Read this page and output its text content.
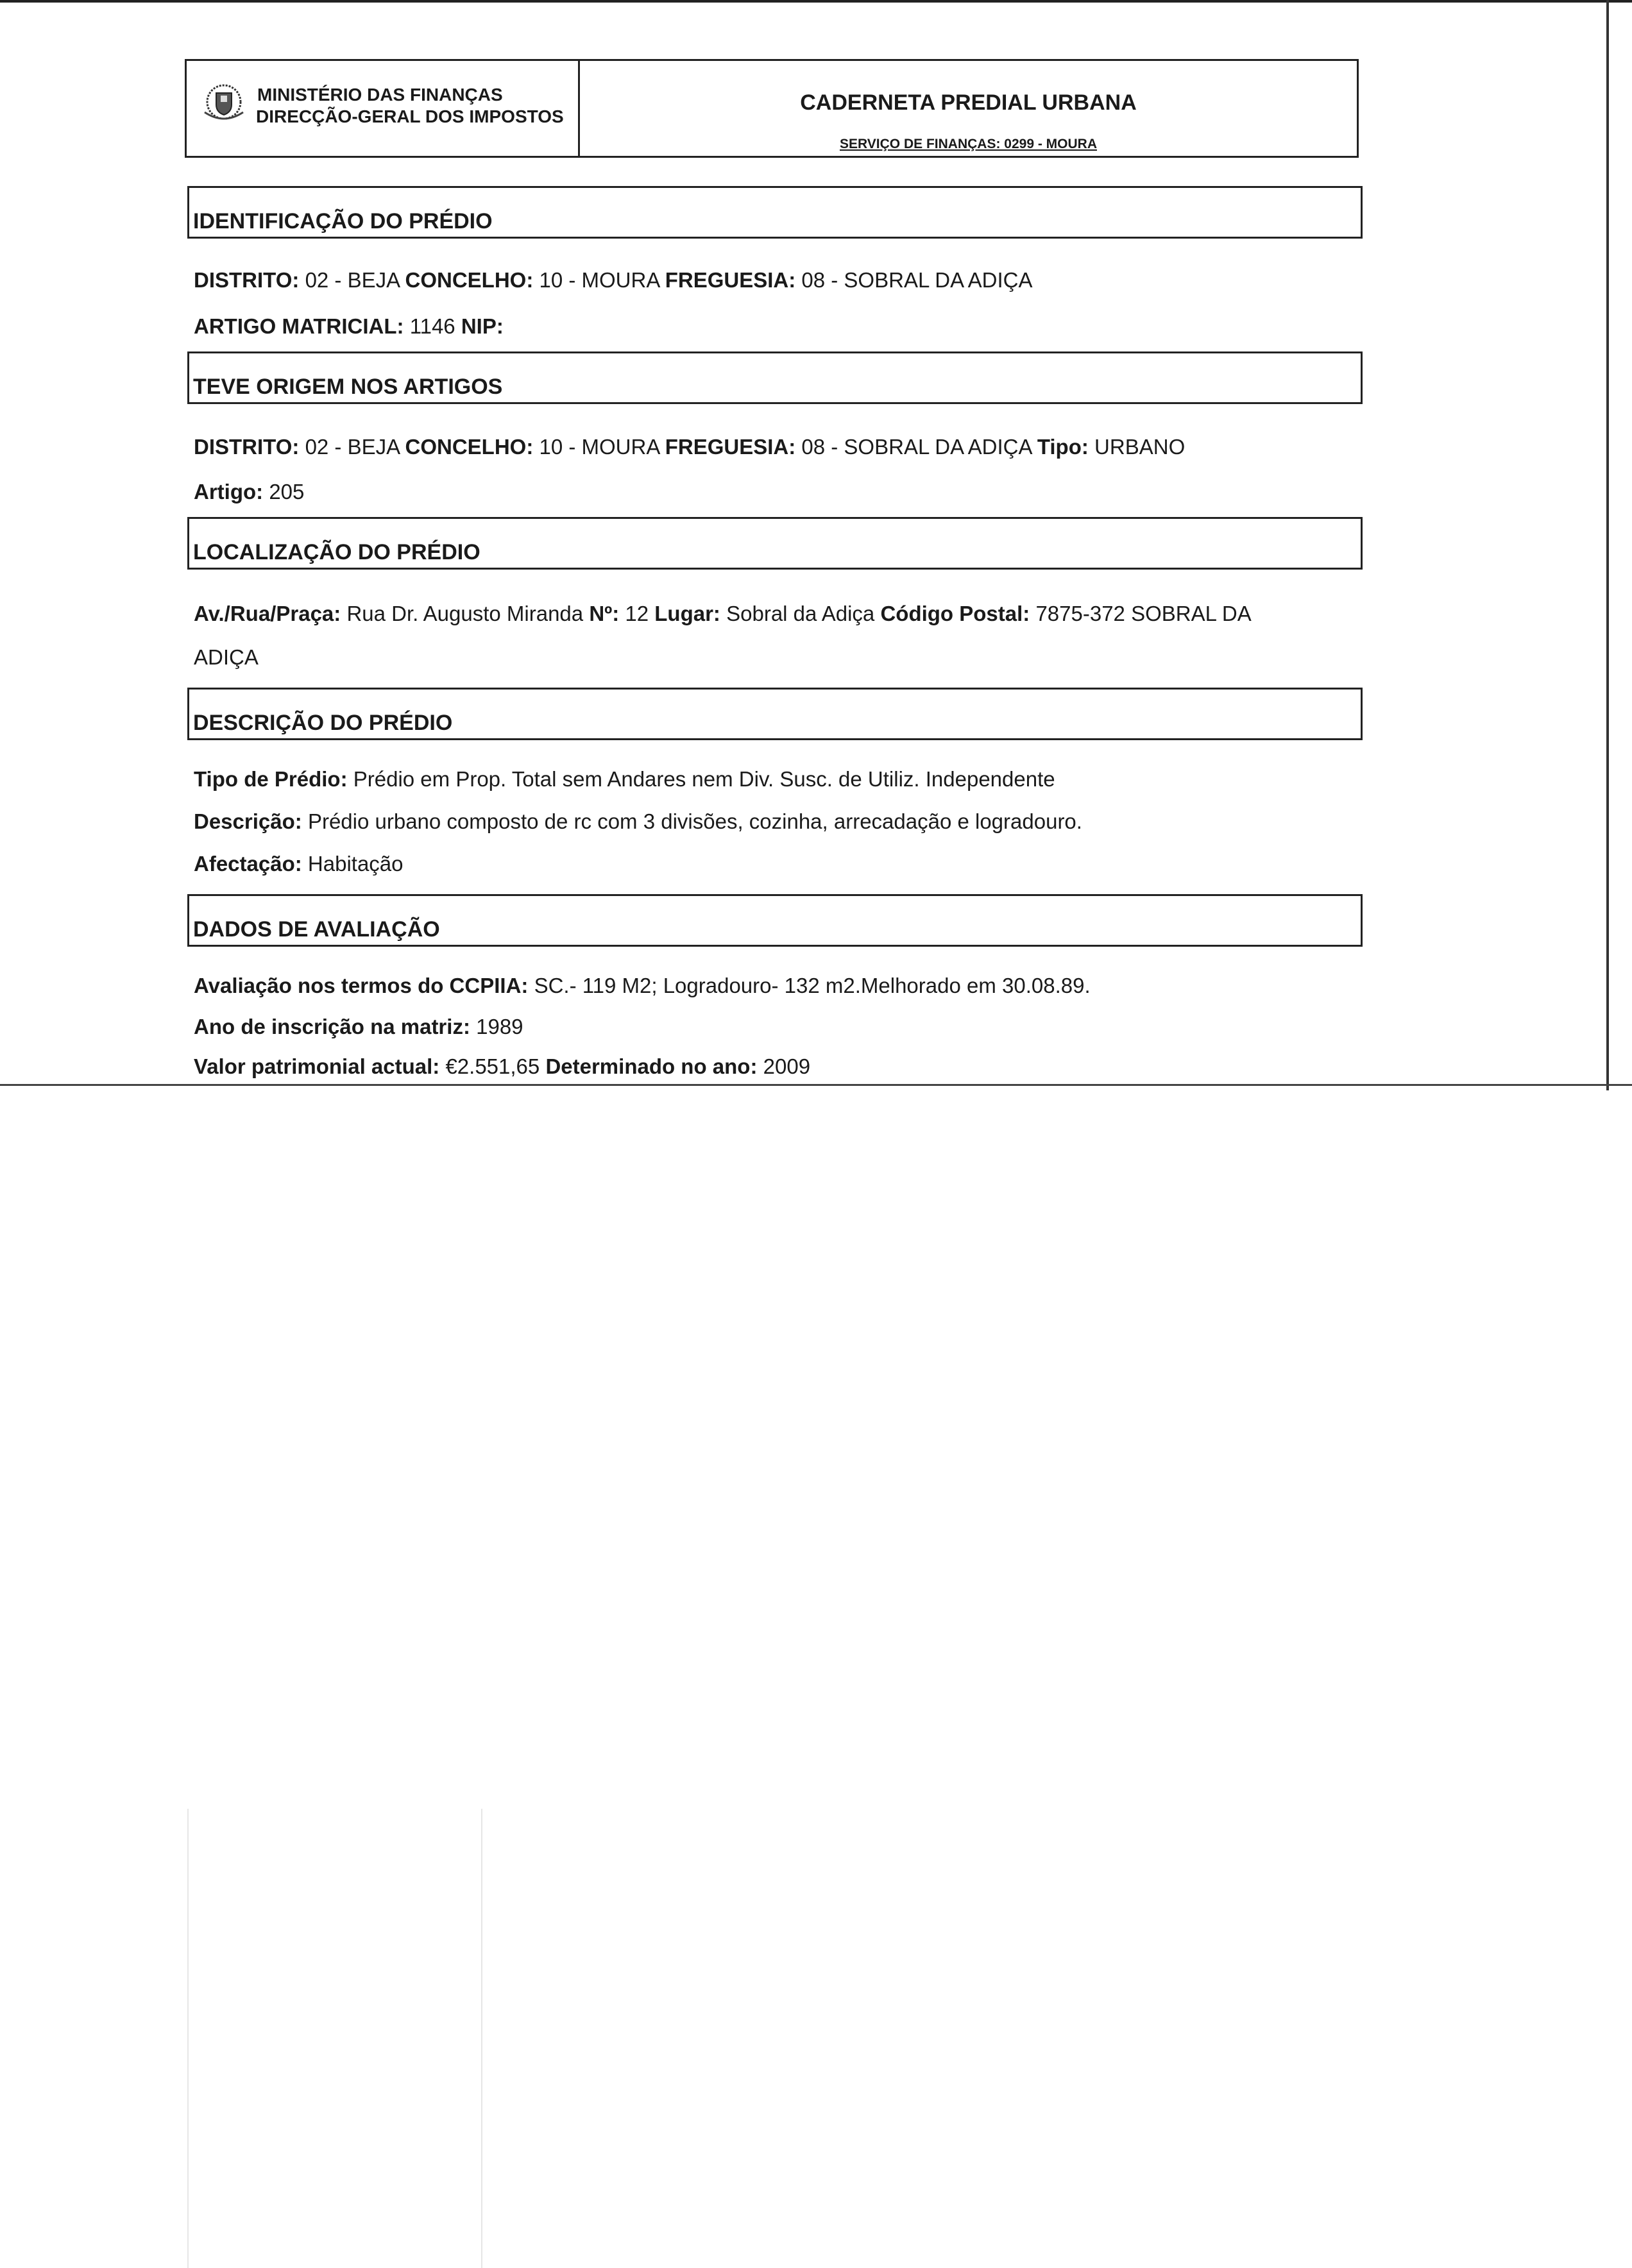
MINISTÉRIO DAS FINANÇAS
DIRECÇÃO-GERAL DOS IMPOSTOS
CADERNETA PREDIAL URBANA
SERVIÇO DE FINANÇAS: 0299 - MOURA
IDENTIFICAÇÃO DO PRÉDIO
DISTRITO: 02 - BEJA CONCELHO: 10 - MOURA FREGUESIA: 08 - SOBRAL DA ADIÇA
ARTIGO MATRICIAL: 1146 NIP:
TEVE ORIGEM NOS ARTIGOS
DISTRITO: 02 - BEJA CONCELHO: 10 - MOURA FREGUESIA: 08 - SOBRAL DA ADIÇA Tipo: URBANO
Artigo: 205
LOCALIZAÇÃO DO PRÉDIO
Av./Rua/Praça: Rua Dr. Augusto Miranda Nº: 12 Lugar: Sobral da Adiça Código Postal: 7875-372 SOBRAL DA
ADIÇA
DESCRIÇÃO DO PRÉDIO
Tipo de Prédio: Prédio em Prop. Total sem Andares nem Div. Susc. de Utiliz. Independente
Descrição: Prédio urbano composto de rc com 3 divisões, cozinha, arrecadação e logradouro.
Afectação: Habitação
DADOS DE AVALIAÇÃO
Avaliação nos termos do CCPIIA: SC.- 119 M2; Logradouro- 132 m2.Melhorado em 30.08.89.
Ano de inscrição na matriz: 1989
Valor patrimonial actual: €2.551,65 Determinado no ano: 2009
